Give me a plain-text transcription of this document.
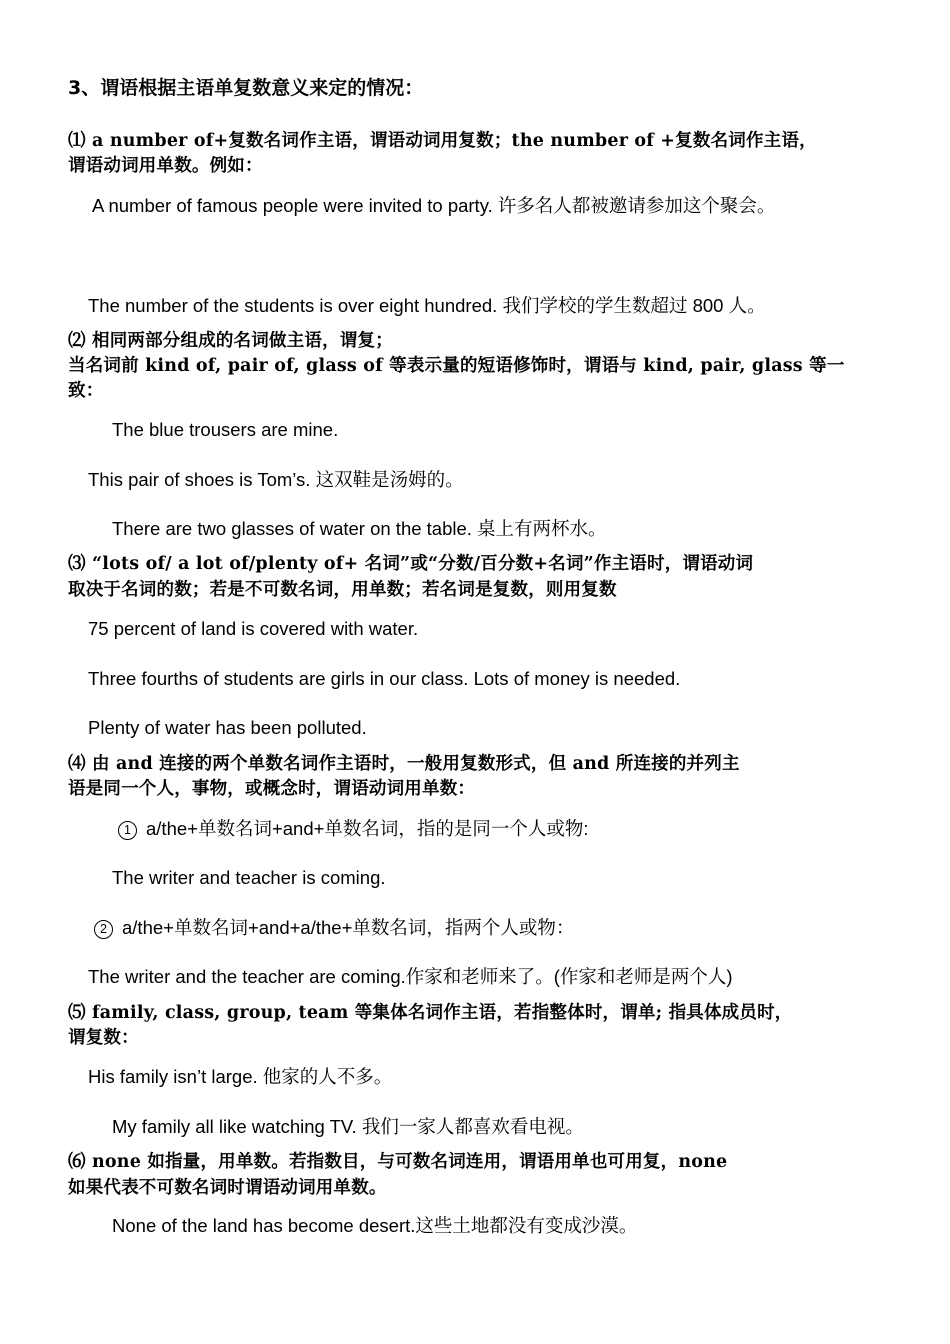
3、谓语根据主语单复数意义来定的情况：
⑴ a number of+复数名词作主语，谓语动词用复数；the number of +复数名词作主语，
谓语动词用单数。例如：
A number of famous people were invited to party. 许多名人都被邀请参加这个聚会。
The number of the students is over eight hundred. 我们学校的学生数超过 800 人。
⑵ 相同两部分组成的名词做主语，谓复；
当名词前 kind of, pair of, glass of 等表示量的短语修饰时，谓语与 kind, pair, glass 等一
致：
The blue trousers are mine.
This pair of shoes is Tom’s. 这双鞋是汤姆的。
There are two glasses of water on the table. 桌上有两杯水。
⑶ “lots of/ a lot of/plenty of+ 名词”或“分数/百分数+名词”作主语时，谓语动词
取决于名词的数；若是不可数名词，用单数；若名词是复数，则用复数
75 percent of land is covered with water.
Three fourths of students are girls in our class. Lots of money is needed.
Plenty of water has been polluted.
⑷ 由 and 连接的两个单数名词作主语时，一般用复数形式，但 and 所连接的并列主
语是同一个人，事物，或概念时，谓语动词用单数：
1 a/the+单数名词+and+单数名词，指的是同一个人或物:
The writer and teacher is coming.
2 a/the+单数名词+and+a/the+单数名词，指两个人或物：
The writer and the teacher are coming.作家和老师来了。(作家和老师是两个人)
⑸ family, class, group, team 等集体名词作主语，若指整体时，谓单; 指具体成员时，
谓复数：
His family isn’t large. 他家的人不多。
My family all like watching TV. 我们一家人都喜欢看电视。
⑹ none 如指量，用单数。若指数目，与可数名词连用，谓语用单也可用复，none
如果代表不可数名词时谓语动词用单数。
None of the land has become desert.这些土地都没有变成沙漠。
